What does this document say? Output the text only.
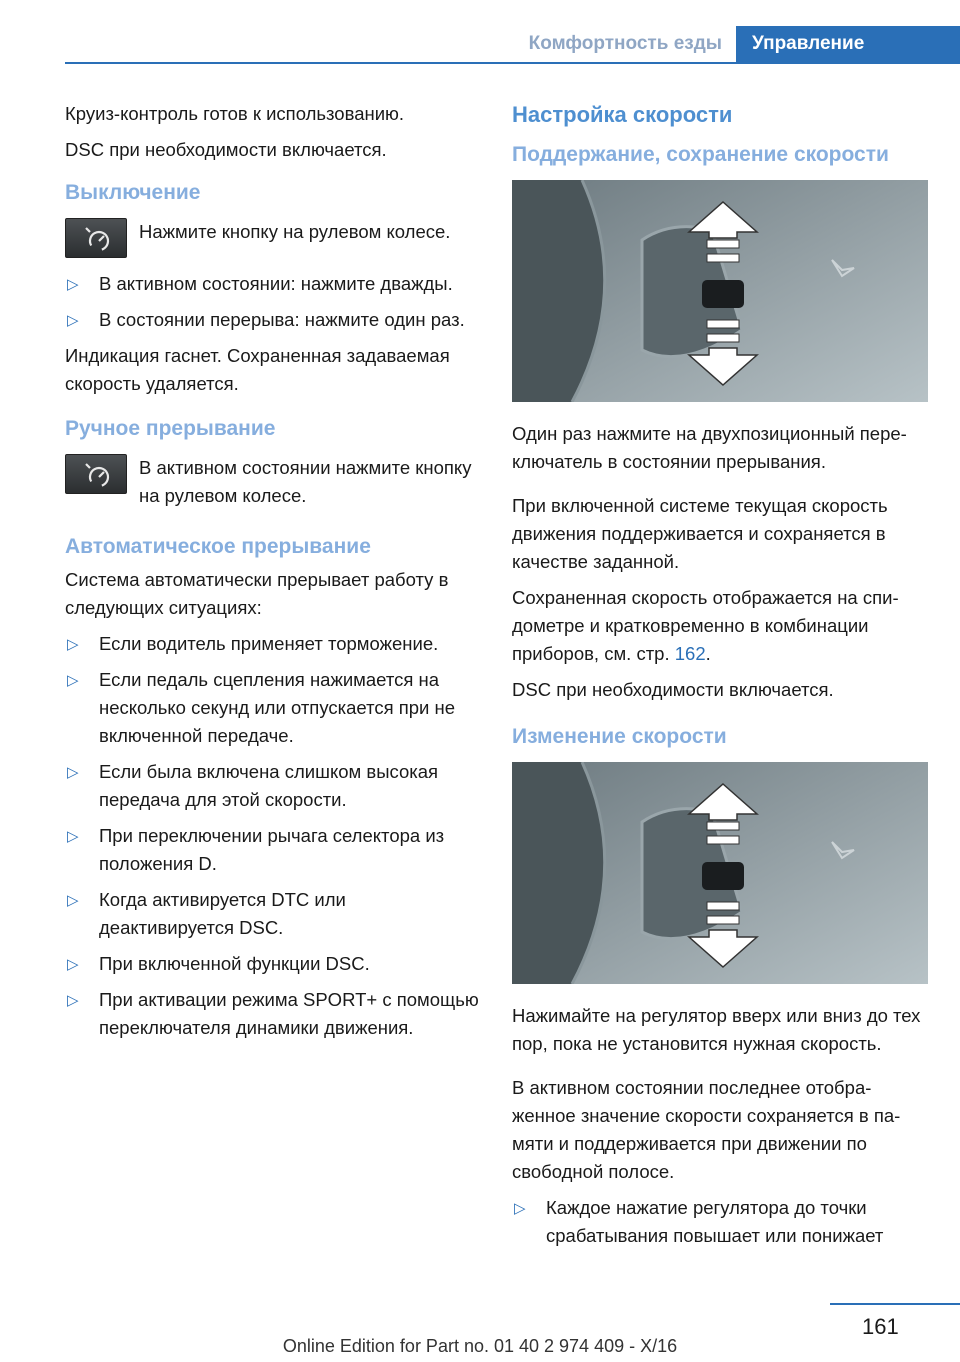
Комфортность езды	Управление

Круиз-контроль готов к использованию.

DSC при необходимости включается.

Выключение
Нажмите кнопку на рулевом колесе.
▷ В активном состоянии: нажмите дважды.
▷ В состоянии перерыва: нажмите один раз.

Индикация гаснет. Сохраненная задаваемая скорость удаляется.

Ручное прерывание
В активном состоянии нажмите кнопку на рулевом колесе.
Автоматическое прерывание

Система автоматически прерывает работу в следующих ситуациях:

▷ Если водитель применяет торможение.
▷ Если педаль сцепления нажимается на несколько секунд или отпускается при не включенной передаче.
▷ Если была включена слишком высокая передача для этой скорости.
▷ При переключении рычага селектора из положения D.
▷ Когда активируется DTC или деактивируется DSC.
▷ При включенной функции DSC.
▷ При активации режима SPORT+ с помощью переключателя динамики движения.
Настройка скорости
Поддержание, сохранение скорости

Один раз нажмите на двухпозиционный переключатель в состоянии прерывания.

При включенной системе текущая скорость движения поддерживается и сохраняется в качестве заданной.

Сохраненная скорость отображается на спидометре и кратковременно в комбинации приборов, см. стр. 162.

DSC при необходимости включается.

Изменение скорости

Нажимайте на регулятор вверх или вниз до тех пор, пока не установится нужная скорость.

В активном состоянии последнее отображенное значение скорости сохраняется в памяти и поддерживается при движении по свободной полосе.

▷ Каждое нажатие регулятора до точки срабатывания повышает или понижает
161
Online Edition for Part no. 01 40 2 974 409 - X/16
